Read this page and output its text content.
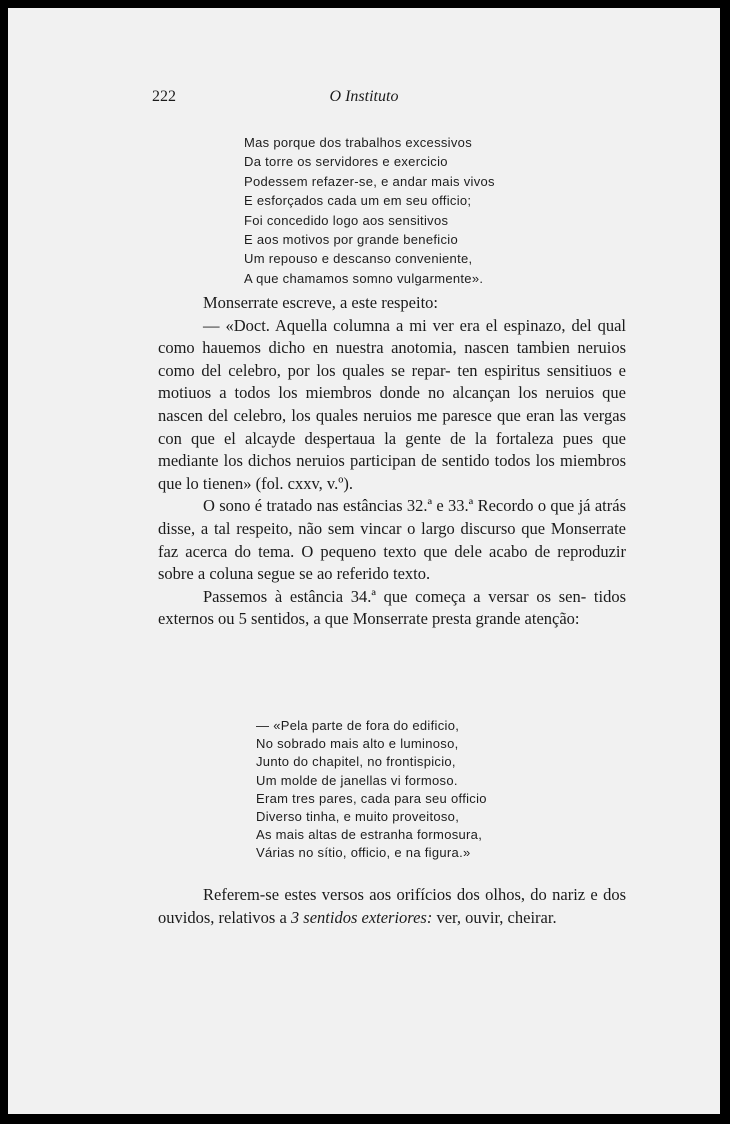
222	O Instituto
Mas porque dos trabalhos excessivos
Da torre os servidores e exercicio
Podessem refazer-se, e andar mais vivos
E esforçados cada um em seu officio;
Foi concedido logo aos sensitivos
E aos motivos por grande beneficio
Um repouso e descanso conveniente,
A que chamamos somno vulgarmente».

Monserrate escreve, a este respeito:

— «Doct. Aquella columna a mi ver era el espinazo, del qual como hauemos dicho en nuestra anotomia, nascen tambien neruios como del celebro, por los quales se repar- ten espiritus sensitiuos e motiuos a todos los miembros donde no alcançan los neruios que nascen del celebro, los quales neruios me paresce que eran las vergas con que el alcayde despertaua la gente de la fortaleza pues que mediante los dichos neruios participan de sentido todos los miembros que lo tienen» (fol. cxxv, v.º).

O sono é tratado nas estâncias 32.ª e 33.ª Recordo o que já atrás disse, a tal respeito, não sem vincar o largo discurso que Monserrate faz acerca do tema. O pequeno texto que dele acabo de reproduzir sobre a coluna segue se ao referido texto.

Passemos à estância 34.ª que começa a versar os sen- tidos externos ou 5 sentidos, a que Monserrate presta grande atenção:

— «Pela parte de fora do edificio,
No sobrado mais alto e luminoso,
Junto do chapitel, no frontispicio,
Um molde de janellas vi formoso.
Eram tres pares, cada para seu officio
Diverso tinha, e muito proveitoso,
As mais altas de estranha formosura,
Várias no sítio, officio, e na figura.»

Referem-se estes versos aos orifícios dos olhos, do nariz e dos ouvidos, relativos a 3 sentidos exteriores: ver, ouvir, cheirar.
